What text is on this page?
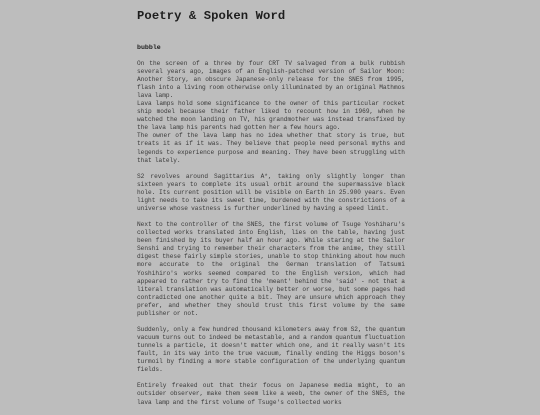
Poetry & Spoken Word
bubble
On the screen of a three by four CRT TV salvaged from a bulk rubbish several years ago, images of an English-patched version of Sailor Moon: Another Story, an obscure Japanese-only release for the SNES from 1995, flash into a living room otherwise only illuminated by an original Mathmos lava lamp.
Lava lamps hold some significance to the owner of this particular rocket ship model because their father liked to recount how in 1969, when he watched the moon landing on TV, his grandmother was instead transfixed by the lava lamp his parents had gotten her a few hours ago.
The owner of the lava lamp has no idea whether that story is true, but treats it as if it was. They believe that people need personal myths and legends to experience purpose and meaning. They have been struggling with that lately.
S2 revolves around Sagittarius A*, taking only slightly longer than sixteen years to complete its usual orbit around the supermassive black hole. Its current position will be visible on Earth in 25.900 years. Even light needs to take its sweet time, burdened with the constrictions of a universe whose vastness is further underlined by having a speed limit.
Next to the controller of the SNES, the first volume of Tsuge Yoshiharu's collected works translated into English, lies on the table, having just been finished by its buyer half an hour ago. While staring at the Sailor Senshi and trying to remember their characters from the anime, they still digest these fairly simple stories, unable to stop thinking about how much more accurate to the original the German translation of Tatsumi Yoshihiro's works seemed compared to the English version, which had appeared to rather try to find the 'meant' behind the 'said' - not that a literal translation was automatically better or worse, but some pages had contradicted one another quite a bit. They are unsure which approach they prefer, and whether they should trust this first volume by the same publisher or not.
Suddenly, only a few hundred thousand kilometers away from S2, the quantum vacuum turns out to indeed be metastable, and a random quantum fluctuation tunnels a particle, it doesn't matter which one, and it really wasn't its fault, in its way into the true vacuum, finally ending the Higgs boson's turmoil by finding a more stable configuration of the underlying quantum fields.
Entirely freaked out that their focus on Japanese media might, to an outsider observer, make them seem like a weeb, the owner of the SNES, the lava lamp and the first volume of Tsuge's collected works
